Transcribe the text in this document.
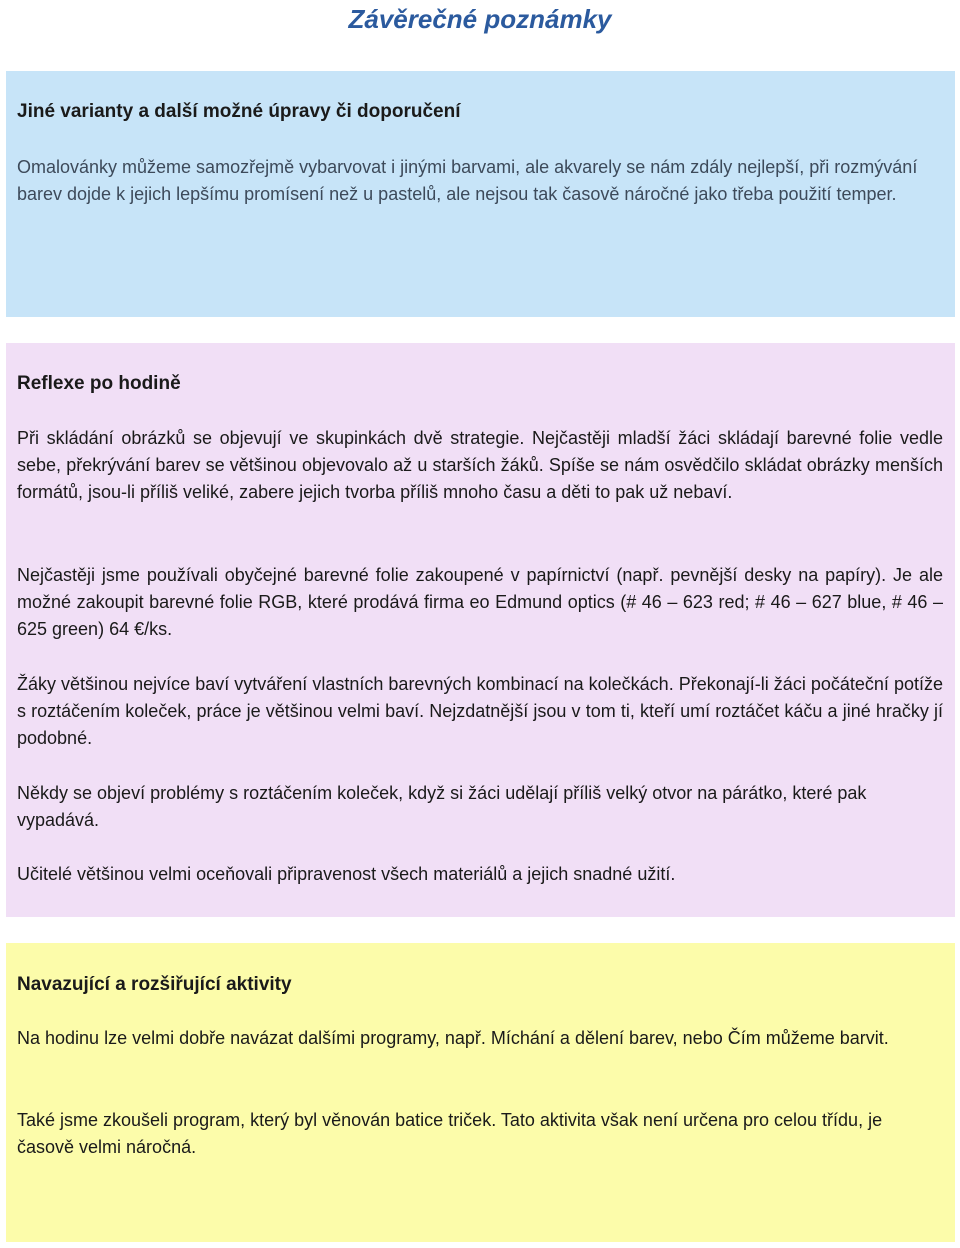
Závěrečné poznámky
Jiné varianty a další možné úpravy či doporučení

Omalovánky můžeme samozřejmě vybarvovat i jinými barvami, ale akvarely se nám zdály nejlepší, při rozmývání barev dojde k jejich lepšímu promísení než u pastelů, ale nejsou tak časově náročné jako třeba použití temper.

Reflexe po hodině

Při skládání obrázků se objevují ve skupinkách dvě strategie. Nejčastěji mladší žáci skládají barevné folie vedle sebe, překrývání barev se většinou objevovalo až u starších žáků. Spíše se nám osvědčilo skládat obrázky menších formátů, jsou-li příliš veliké, zabere jejich tvorba příliš mnoho času a děti to pak už nebaví.

Nejčastěji jsme používali obyčejné barevné folie zakoupené v papírnictví (např. pevnější desky na papíry). Je ale možné zakoupit barevné folie RGB, které prodává firma eo Edmund optics (# 46 – 623 red; # 46 – 627 blue, # 46 – 625 green) 64 €/ks.

Žáky většinou nejvíce baví vytváření vlastních barevných kombinací na kolečkách. Překonají-li žáci počáteční potíže s roztáčením koleček, práce je většinou velmi baví. Nejzdatnější jsou v tom ti, kteří umí roztáčet káču a jiné hračky jí podobné.

Někdy se objeví problémy s roztáčením koleček, když si žáci udělají příliš velký otvor na párátko, které pak vypadává.

Učitelé většinou velmi oceňovali připravenost všech materiálů a jejich snadné užití.

Navazující a rozšiřující aktivity

Na hodinu lze velmi dobře navázat dalšími programy, např. Míchání a dělení barev, nebo Čím můžeme barvit.

Také jsme zkoušeli program, který byl věnován batice triček. Tato aktivita však není určena pro celou třídu, je časově velmi náročná.
